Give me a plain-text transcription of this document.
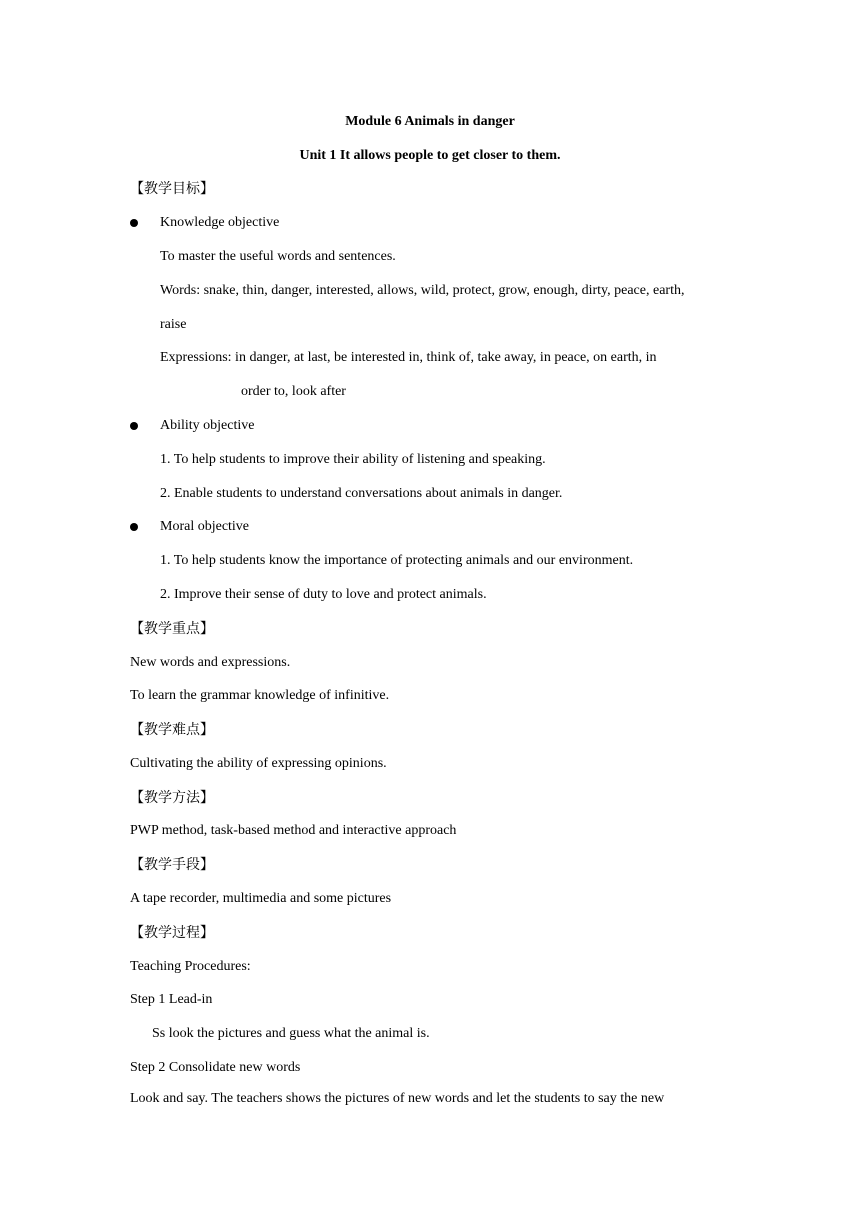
Module 6 Animals in danger
Unit 1 It allows people to get closer to them.
【教学目标】
Knowledge objective
To master the useful words and sentences.
Words: snake, thin, danger, interested, allows, wild, protect, grow, enough, dirty, peace, earth,
raise
Expressions: in danger, at last, be interested in, think of, take away, in peace, on earth, in
order to, look after
Ability objective
1. To help students to improve their ability of listening and speaking.
2. Enable students to understand conversations about animals in danger.
Moral objective
1. To help students know the importance of protecting animals and our environment.
2. Improve their sense of duty to love and protect animals.
【教学重点】
New words and expressions.
To learn the grammar knowledge of infinitive.
【教学难点】
Cultivating the ability of expressing opinions.
【教学方法】
PWP method, task-based method and interactive approach
【教学手段】
A tape recorder, multimedia and some pictures
【教学过程】
Teaching Procedures:
Step 1 Lead-in
Ss look the pictures and guess what the animal is.
Step 2 Consolidate new words
Look and say. The teachers shows the pictures of new words and let the students to say the new
